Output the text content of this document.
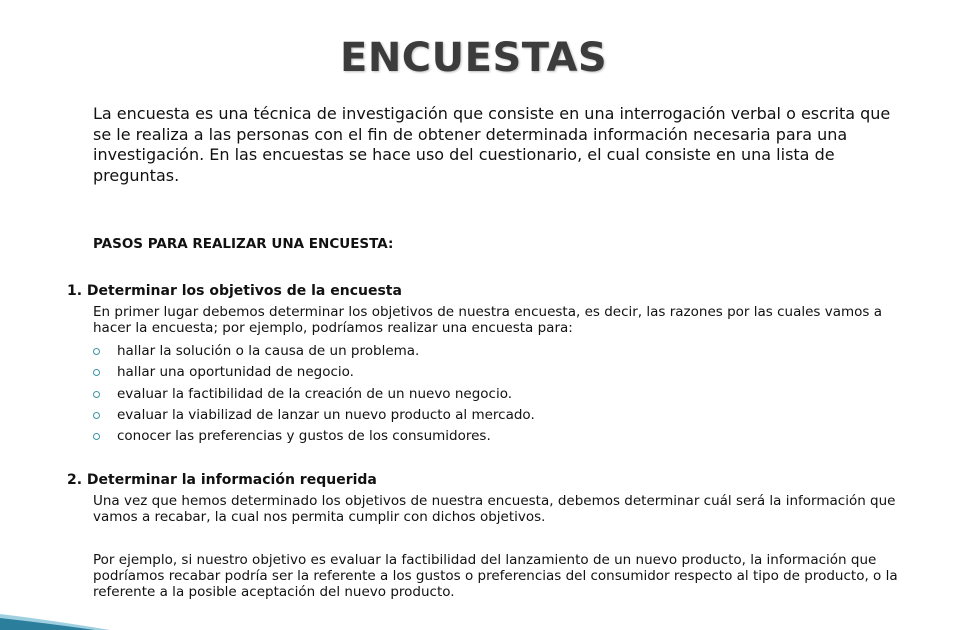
ENCUESTAS
La encuesta es una técnica de investigación que consiste en una interrogación verbal o escrita que se le realiza a las personas con el fin de obtener determinada información necesaria para una investigación. En las encuestas se hace uso del cuestionario, el cual consiste en una lista de preguntas.
PASOS PARA REALIZAR UNA ENCUESTA:
1. Determinar los objetivos de la encuesta
En primer lugar debemos determinar los objetivos de nuestra encuesta, es decir, las razones por las cuales vamos a hacer la encuesta; por ejemplo, podríamos realizar una encuesta para:
hallar la solución o la causa de un problema.
hallar una oportunidad de negocio.
evaluar la factibilidad de la creación de un nuevo negocio.
evaluar la viabilizad de lanzar un nuevo producto al mercado.
conocer las preferencias y gustos de los consumidores.
2. Determinar la información requerida
Una vez que hemos determinado los objetivos de nuestra encuesta, debemos determinar cuál será la información que vamos a recabar, la cual nos permita cumplir con dichos objetivos.
Por ejemplo, si nuestro objetivo es evaluar la factibilidad del lanzamiento de un nuevo producto, la información que podríamos recabar podría ser la referente a los gustos o preferencias del consumidor respecto al tipo de producto, o la referente a la posible aceptación del nuevo producto.
